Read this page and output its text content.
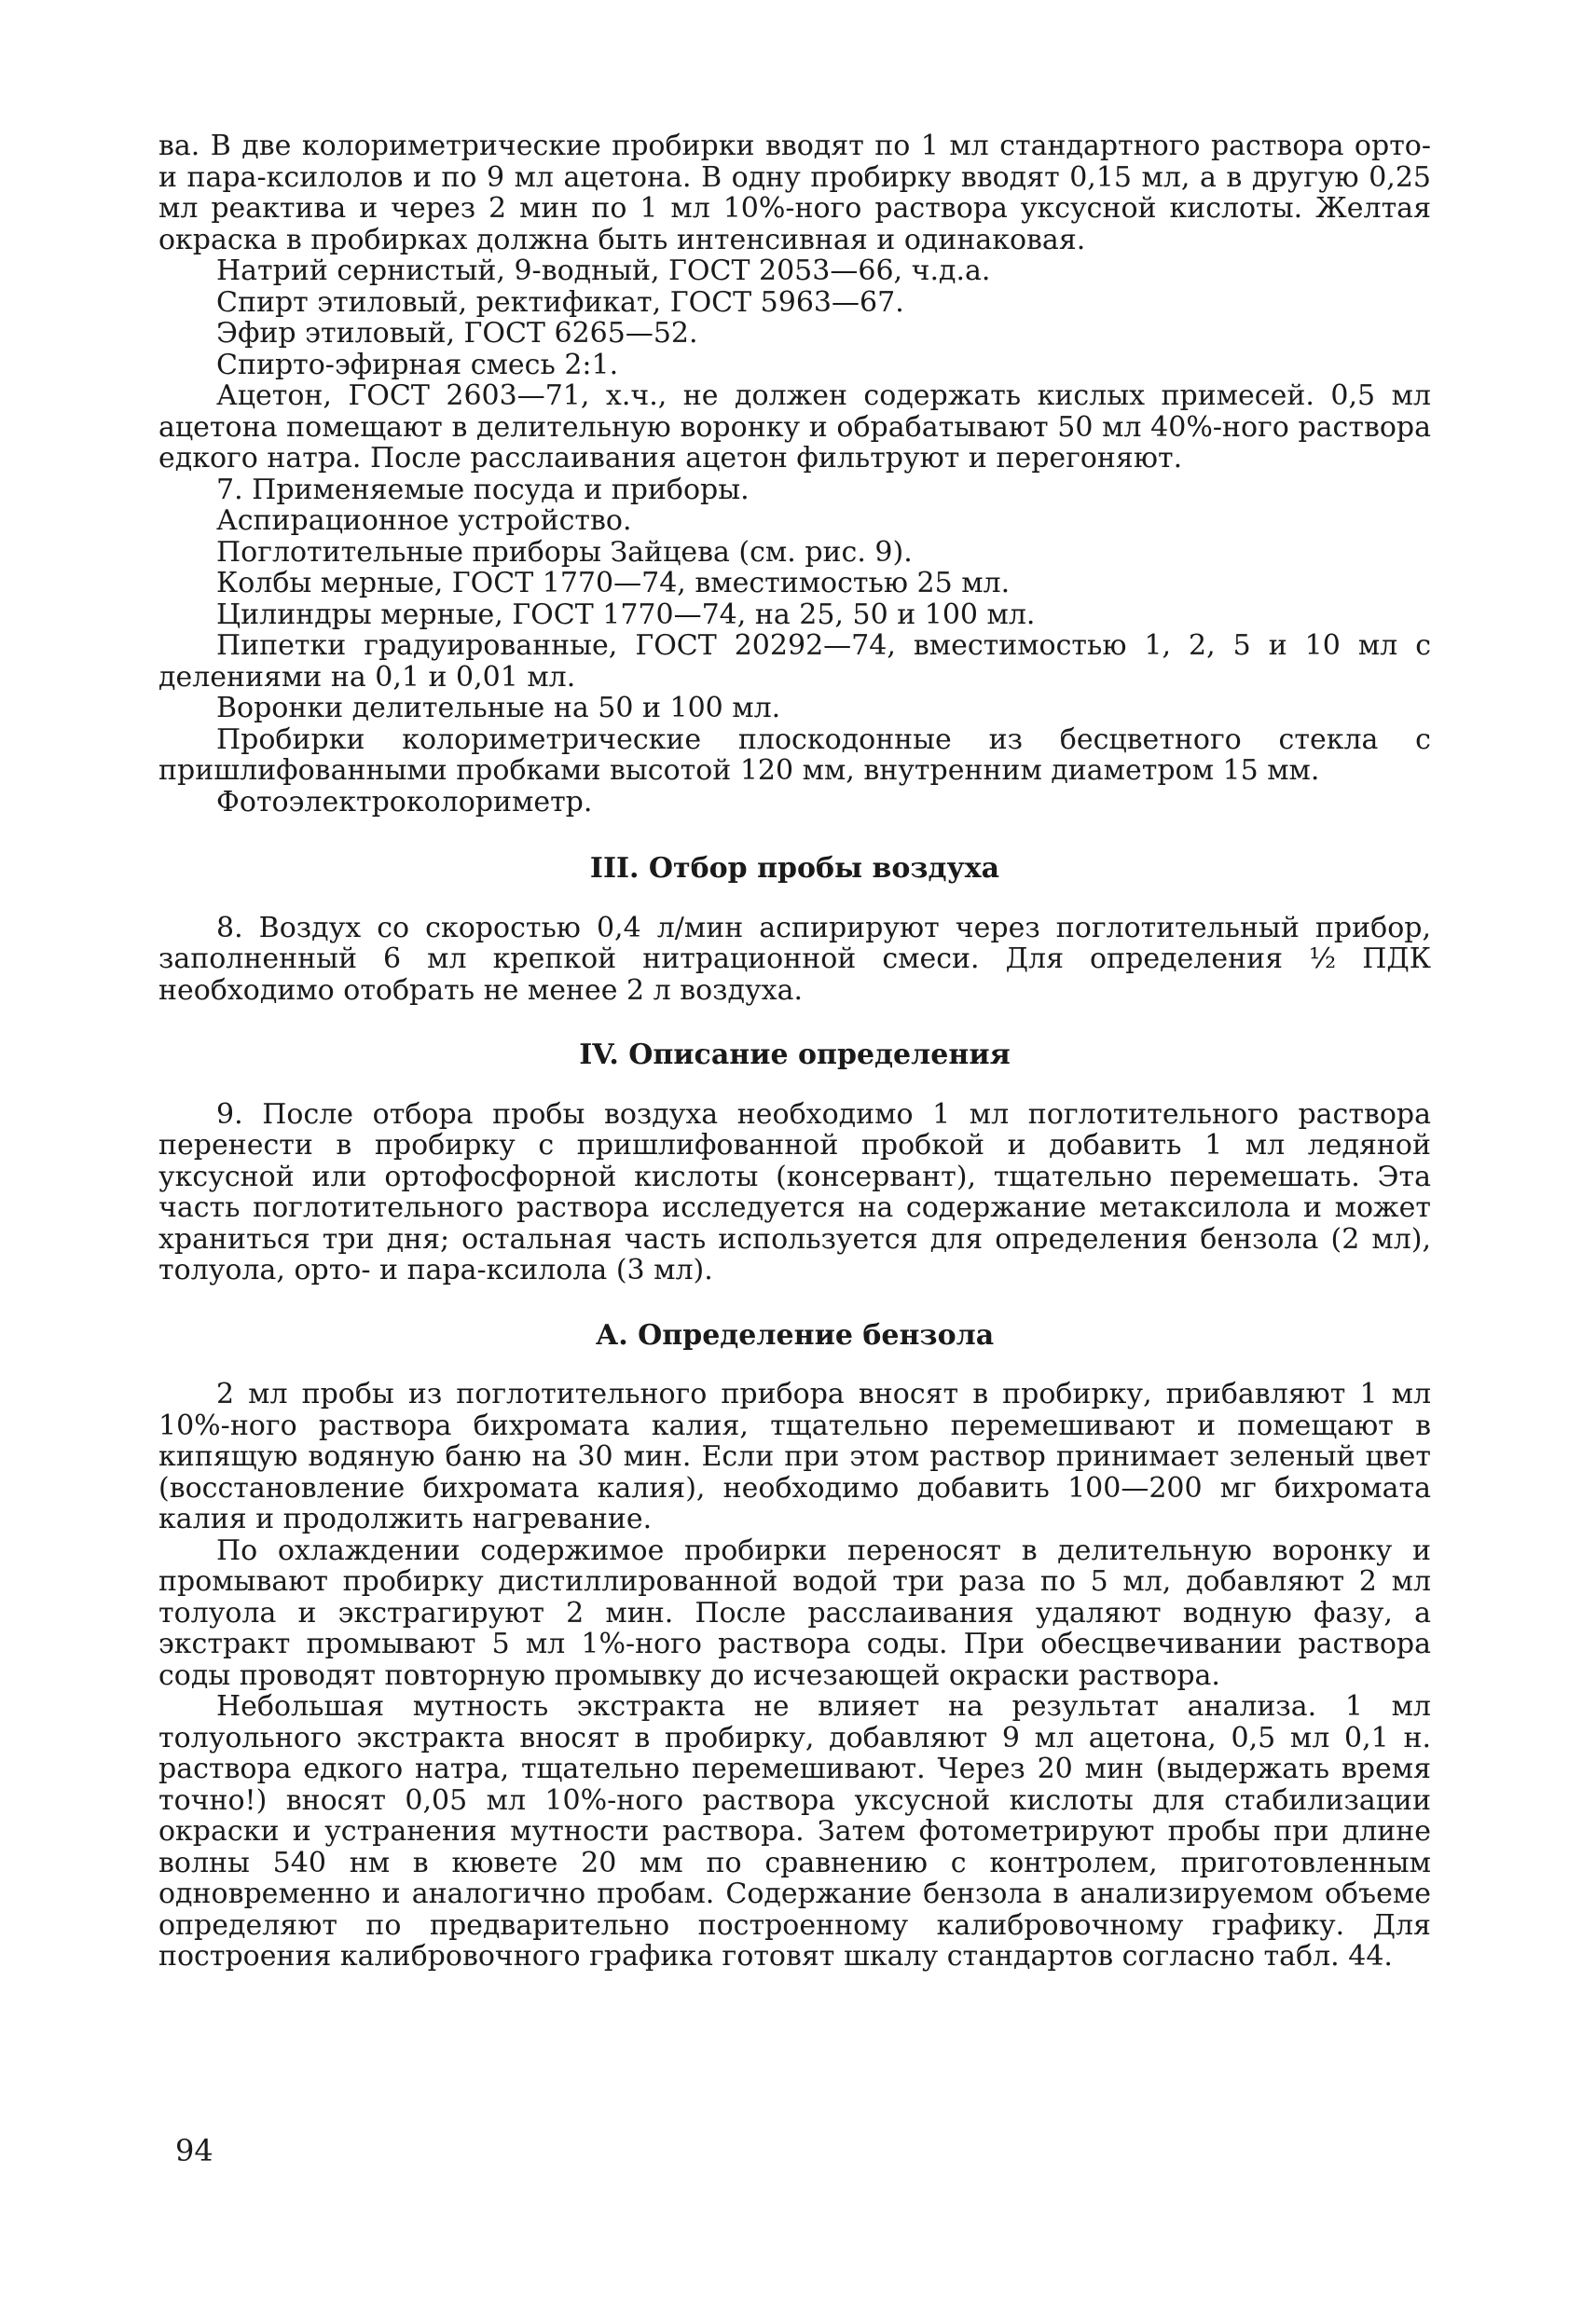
ва. В две колориметрические пробирки вводят по 1 мл стандартного раствора орто- и пара-ксилолов и по 9 мл ацетона. В одну пробирку вводят 0,15 мл, а в другую 0,25 мл реактива и через 2 мин по 1 мл 10%-ного раствора уксусной кислоты. Желтая окраска в пробирках должна быть интенсивная и одинаковая.

Натрий сернистый, 9-водный, ГОСТ 2053—66, ч.д.а.

Спирт этиловый, ректификат, ГОСТ 5963—67.

Эфир этиловый, ГОСТ 6265—52.

Спирто-эфирная смесь 2:1.

Ацетон, ГОСТ 2603—71, х.ч., не должен содержать кислых примесей. 0,5 мл ацетона помещают в делительную воронку и обрабатывают 50 мл 40%-ного раствора едкого натра. После расслаивания ацетон фильтруют и перегоняют.

7. Применяемые посуда и приборы.

Аспирационное устройство.

Поглотительные приборы Зайцева (см. рис. 9).

Колбы мерные, ГОСТ 1770—74, вместимостью 25 мл.

Цилиндры мерные, ГОСТ 1770—74, на 25, 50 и 100 мл.

Пипетки градуированные, ГОСТ 20292—74, вместимостью 1, 2, 5 и 10 мл с делениями на 0,1 и 0,01 мл.

Воронки делительные на 50 и 100 мл.

Пробирки колориметрические плоскодонные из бесцветного стекла с пришлифованными пробками высотой 120 мм, внутренним диаметром 15 мм.

Фотоэлектроколориметр.

III. Отбор пробы воздуха

8. Воздух со скоростью 0,4 л/мин аспирируют через поглотительный прибор, заполненный 6 мл крепкой нитрационной смеси. Для определения ½ ПДК необходимо отобрать не менее 2 л воздуха.

IV. Описание определения

9. После отбора пробы воздуха необходимо 1 мл поглотительного раствора перенести в пробирку с пришлифованной пробкой и добавить 1 мл ледяной уксусной или ортофосфорной кислоты (консервант), тщательно перемешать. Эта часть поглотительного раствора исследуется на содержание метаксилола и может храниться три дня; остальная часть используется для определения бензола (2 мл), толуола, орто- и пара-ксилола (3 мл).

А. Определение бензола

2 мл пробы из поглотительного прибора вносят в пробирку, прибавляют 1 мл 10%-ного раствора бихромата калия, тщательно перемешивают и помещают в кипящую водяную баню на 30 мин. Если при этом раствор принимает зеленый цвет (восстановление бихромата калия), необходимо добавить 100—200 мг бихромата калия и продолжить нагревание.

По охлаждении содержимое пробирки переносят в делительную воронку и промывают пробирку дистиллированной водой три раза по 5 мл, добавляют 2 мл толуола и экстрагируют 2 мин. После расслаивания удаляют водную фазу, а экстракт промывают 5 мл 1%-ного раствора соды. При обесцвечивании раствора соды проводят повторную промывку до исчезающей окраски раствора.

Небольшая мутность экстракта не влияет на результат анализа. 1 мл толуольного экстракта вносят в пробирку, добавляют 9 мл ацетона, 0,5 мл 0,1 н. раствора едкого натра, тщательно перемешивают. Через 20 мин (выдержать время точно!) вносят 0,05 мл 10%-ного раствора уксусной кислоты для стабилизации окраски и устранения мутности раствора. Затем фотометрируют пробы при длине волны 540 нм в кювете 20 мм по сравнению с контролем, приготовленным одновременно и аналогично пробам. Содержание бензола в анализируемом объеме определяют по предварительно построенному калибровочному графику. Для построения калибровочного графика готовят шкалу стандартов согласно табл. 44.

94
